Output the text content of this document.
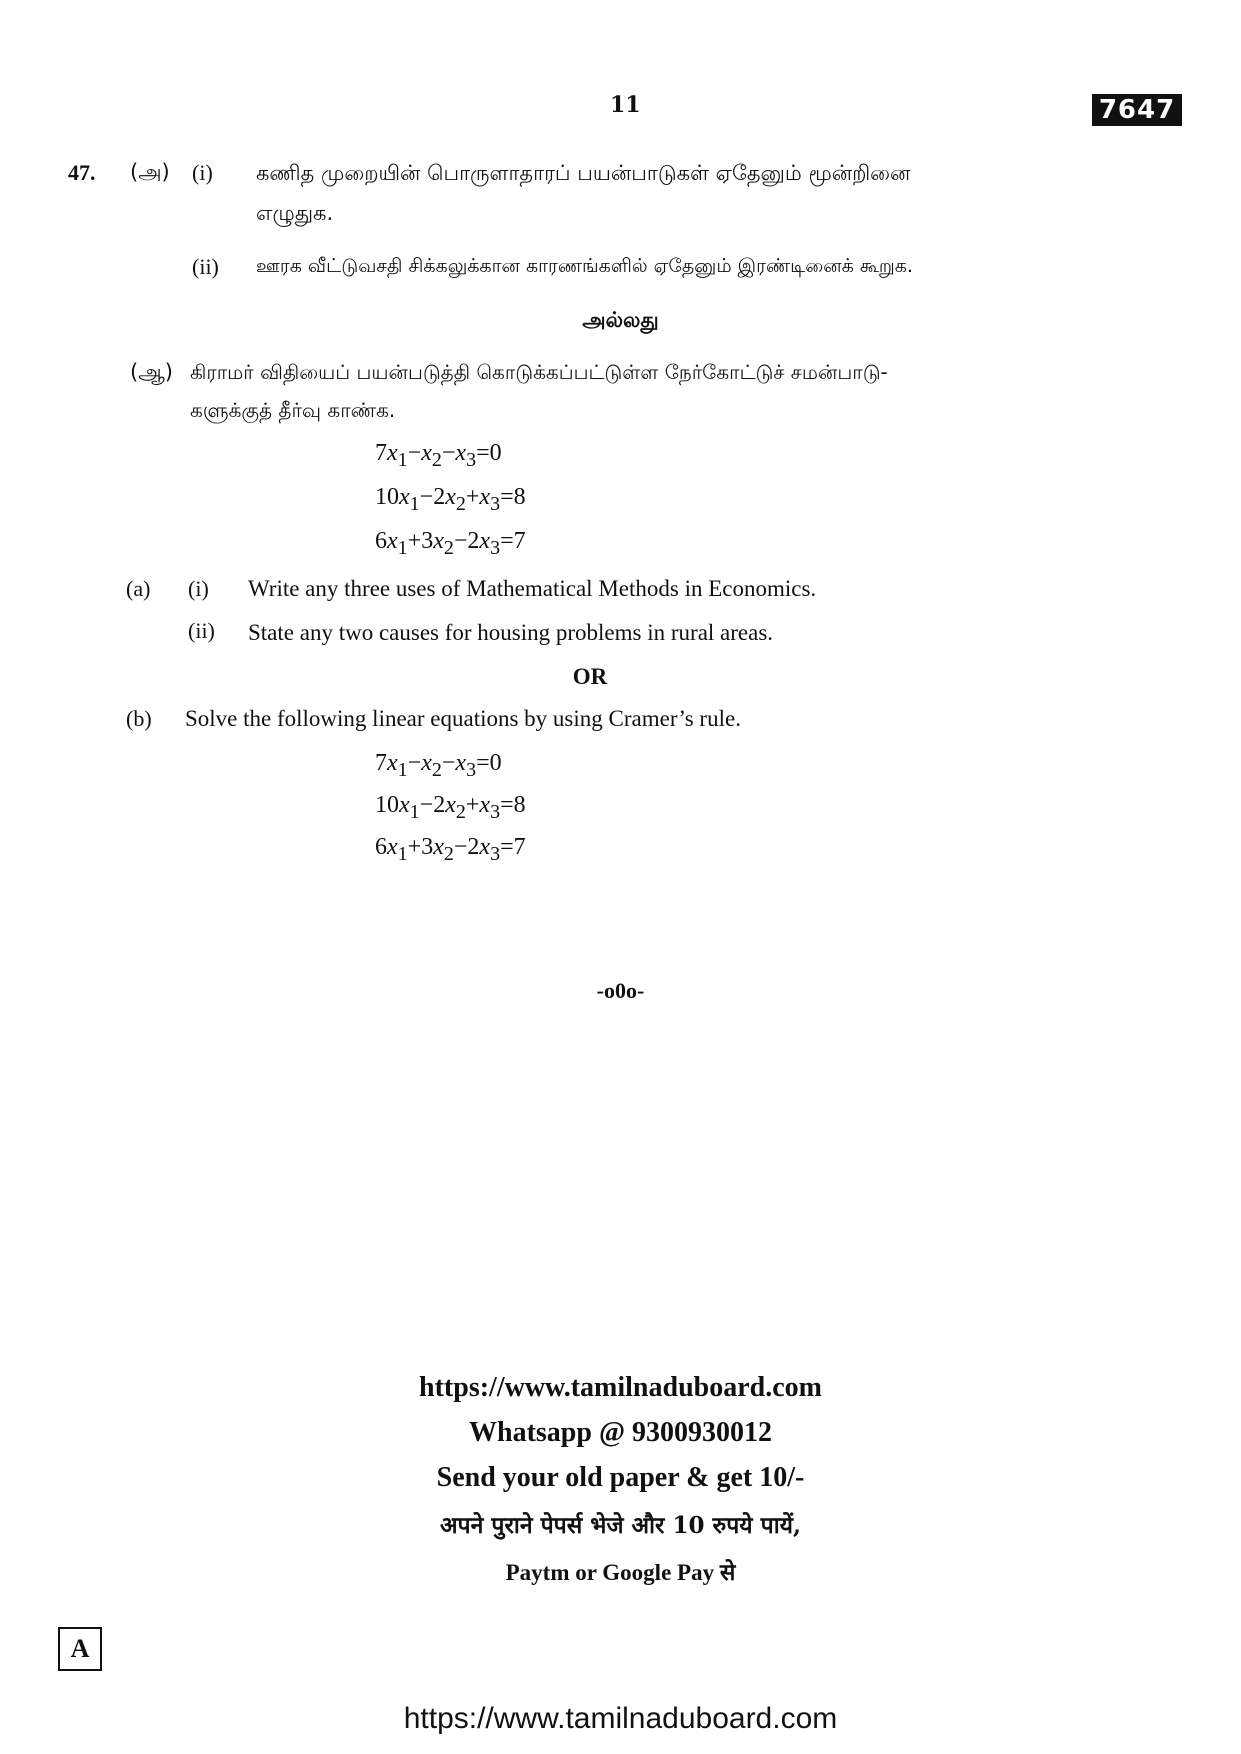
11	7647
47. (அ) (i) கணித முறையின் பொருளாதாரப் பயன்பாடுகள் ஏதேனும் மூன்றினை
எழுதுக.
(ii) ஊரக வீட்டுவசதி சிக்கலுக்கான காரணங்களில் ஏதேனும் இரண்டினைக் கூறுக.
அல்லது
(ஆ) கிராமர் விதியைப் பயன்படுத்தி கொடுக்கப்பட்டுள்ள நேர்கோட்டுச் சமன்பாடு-
களுக்குத் தீர்வு காண்க.
$7x_1-x_2-x_3=0$
$10x_1-2x_2+x_3=8$
$6x_1+3x_2-2x_3=7$
(a) (i) Write any three uses of Mathematical Methods in Economics.
(ii) State any two causes for housing problems in rural areas.
OR
(b) Solve the following linear equations by using Cramer’s rule.
$7x_1-x_2-x_3=0$
$10x_1-2x_2+x_3=8$
$6x_1+3x_2-2x_3=7$
-o0o-
https://www.tamilnaduboard.com
Whatsapp @ 9300930012
Send your old paper & get 10/-
अपने पुराने पेपर्स भेजे और 10 रुपये पायें,
Paytm or Google Pay से
A
https://www.tamilnaduboard.com
